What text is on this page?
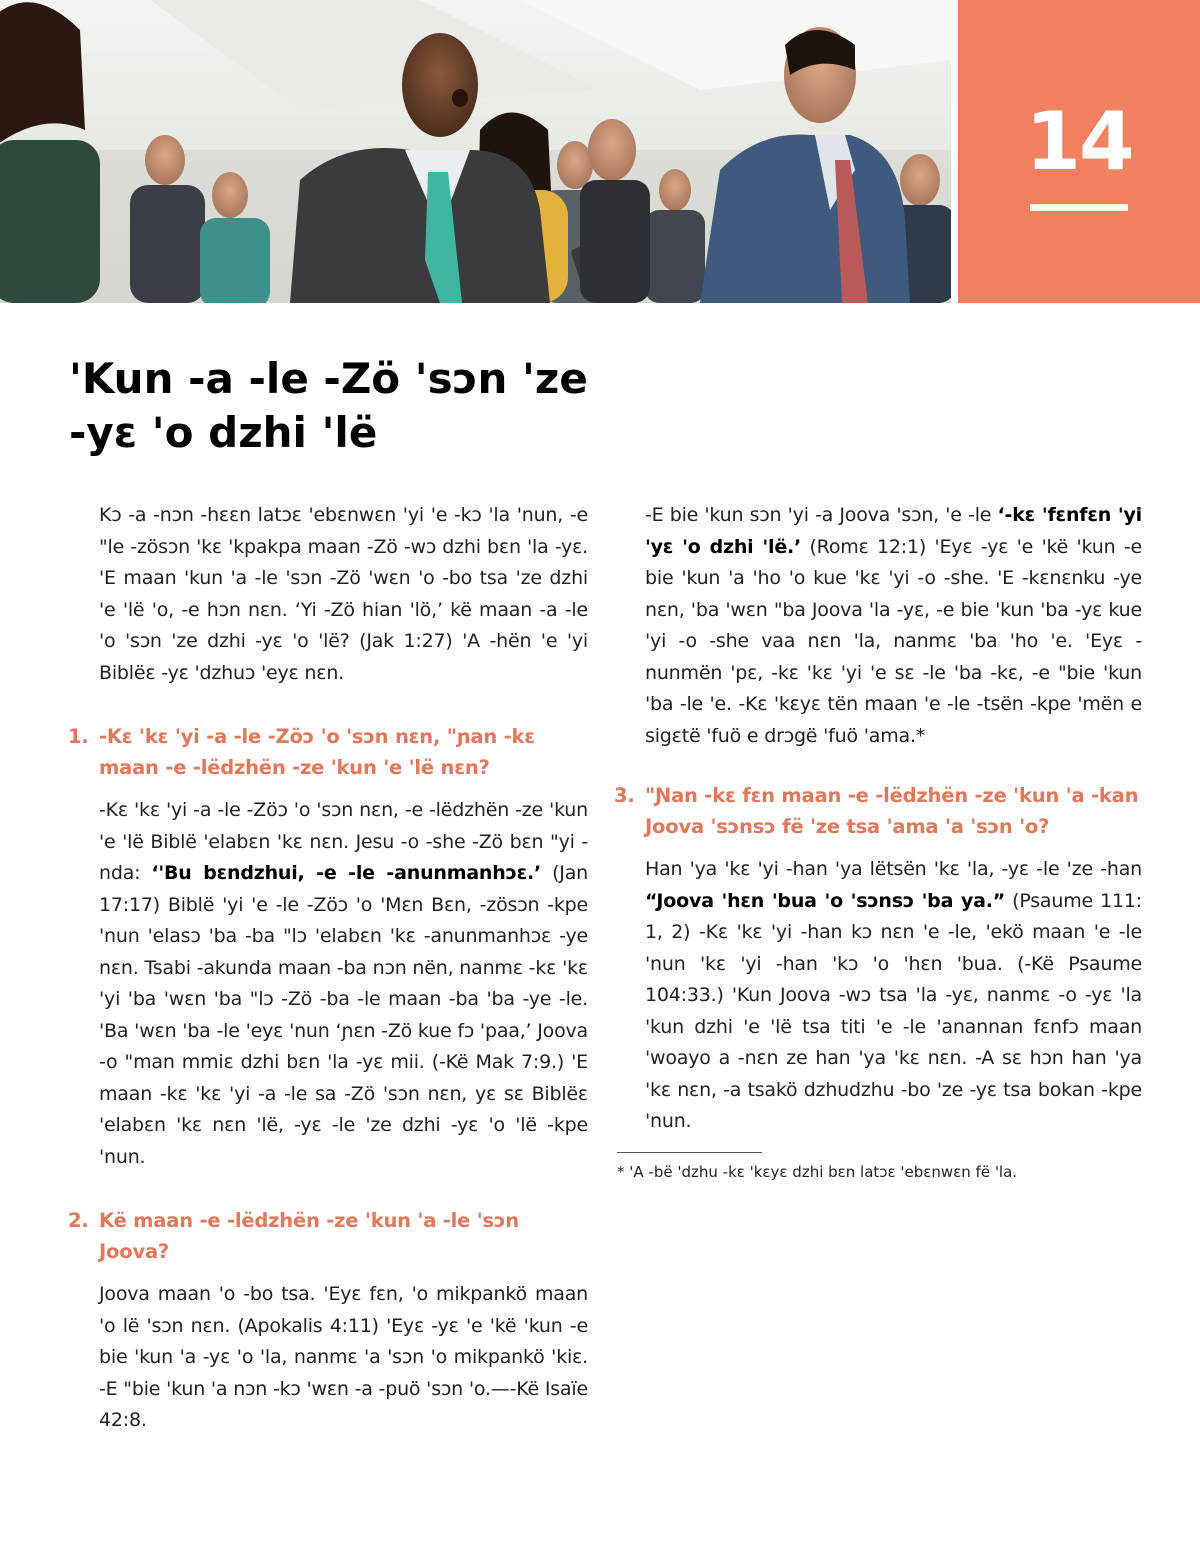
14
'Kun -a -le -Zö 'sɔn 'ze -yɛ 'o dzhi 'lë

Kɔ -a -nɔn -hɛɛn latɔɛ 'ebɛnwɛn 'yi 'e -kɔ 'la 'nun, -e "le -zösɔn 'kɛ 'kpakpa maan -Zö -wɔ dzhi bɛn 'la -yɛ. 'E maan 'kun 'a -le 'sɔn -Zö 'wɛn 'o -bo tsa 'ze dzhi 'e 'lë 'o, -e hɔn nɛn. ‘Yi -Zö hian 'lö,’ kë maan -a -le 'o 'sɔn 'ze dzhi -yɛ 'o 'lë? (Jak 1:27) 'A -hën 'e 'yi Biblëɛ -yɛ 'dzhuɔ 'eyɛ nɛn.

1. -Kɛ 'kɛ 'yi -a -le -Zöɔ 'o 'sɔn nɛn, "ɲan -kɛ maan -e -lëdzhën -ze 'kun 'e 'lë nɛn?

-Kɛ 'kɛ 'yi -a -le -Zöɔ 'o 'sɔn nɛn, -e -lëdzhën -ze 'kun 'e 'lë Biblë 'elabɛn 'kɛ nɛn. Jesu -o -she -Zö bɛn "yi -nda: ‘'Bu bɛndzhui, -e -le -anunmanhɔɛ.’ (Jan 17:17) Biblë 'yi 'e -le -Zöɔ 'o 'Mɛn Bɛn, -zösɔn -kpe 'nun 'elasɔ 'ba -ba "lɔ 'elabɛn 'kɛ -anunmanhɔɛ -ye nɛn. Tsabi -akunda maan -ba nɔn nën, nanmɛ -kɛ 'kɛ 'yi 'ba 'wɛn 'ba "lɔ -Zö -ba -le maan -ba 'ba -ye -le. 'Ba 'wɛn 'ba -le 'eyɛ 'nun ‘ɲɛn -Zö kue fɔ 'paa,’ Joova -o "man mmiɛ dzhi bɛn 'la -yɛ mii. (-Kë Mak 7:9.) 'E maan -kɛ 'kɛ 'yi -a -le sa -Zö 'sɔn nɛn, yɛ sɛ Biblëɛ 'elabɛn 'kɛ nɛn 'lë, -yɛ -le 'ze dzhi -yɛ 'o 'lë -kpe 'nun.

2. Kë maan -e -lëdzhën -ze 'kun 'a -le 'sɔn Joova?

Joova maan 'o -bo tsa. 'Eyɛ fɛn, 'o mikpankö maan 'o lë 'sɔn nɛn. (Apokalis 4:11) 'Eyɛ -yɛ 'e 'kë 'kun -e bie 'kun 'a -yɛ 'o 'la, nanmɛ 'a 'sɔn 'o mikpankö 'kiɛ. -E "bie 'kun 'a nɔn -kɔ 'wɛn -a -puö 'sɔn 'o.—-Kë Isaïe 42:8.

-E bie 'kun sɔn 'yi -a Joova 'sɔn, 'e -le ‘-kɛ 'fɛnfɛn 'yi 'yɛ 'o dzhi 'lë.’ (Romɛ 12:1) 'Eyɛ -yɛ 'e 'kë 'kun -e bie 'kun 'a 'ho 'o kue 'kɛ 'yi -o -she. 'E -kɛnɛnku -ye nɛn, 'ba 'wɛn "ba Joova 'la -yɛ, -e bie 'kun 'ba -yɛ kue 'yi -o -she vaa nɛn 'la, nanmɛ 'ba 'ho 'e. 'Eyɛ -nunmën 'pɛ, -kɛ 'kɛ 'yi 'e sɛ -le 'ba -kɛ, -e "bie 'kun 'ba -le 'e. -Kɛ 'kɛyɛ tën maan 'e -le -tsën -kpe 'mën e sigɛtë 'fuö e drɔgë 'fuö 'ama.*

3. "Ɲan -kɛ fɛn maan -e -lëdzhën -ze 'kun 'a -kan Joova 'sɔnsɔ fë 'ze tsa 'ama 'a 'sɔn 'o?

Han 'ya 'kɛ 'yi -han 'ya lëtsën 'kɛ 'la, -yɛ -le 'ze -han “Joova 'hɛn 'bua 'o 'sɔnsɔ 'ba ya.” (Psaume 111: 1, 2) -Kɛ 'kɛ 'yi -han kɔ nɛn 'e -le, 'ekö maan 'e -le 'nun 'kɛ 'yi -han 'kɔ 'o 'hɛn 'bua. (-Kë Psaume 104:33.) 'Kun Joova -wɔ tsa 'la -yɛ, nanmɛ -o -yɛ 'la 'kun dzhi 'e 'lë tsa titi 'e -le 'anannan fɛnfɔ maan 'woayo a -nɛn ze han 'ya 'kɛ nɛn. -A sɛ hɔn han 'ya 'kɛ nɛn, -a tsakö dzhudzhu -bo 'ze -yɛ tsa bokan -kpe 'nun.

* 'A -bë 'dzhu -kɛ 'kɛyɛ dzhi bɛn latɔɛ 'ebɛnwɛn fë 'la.
